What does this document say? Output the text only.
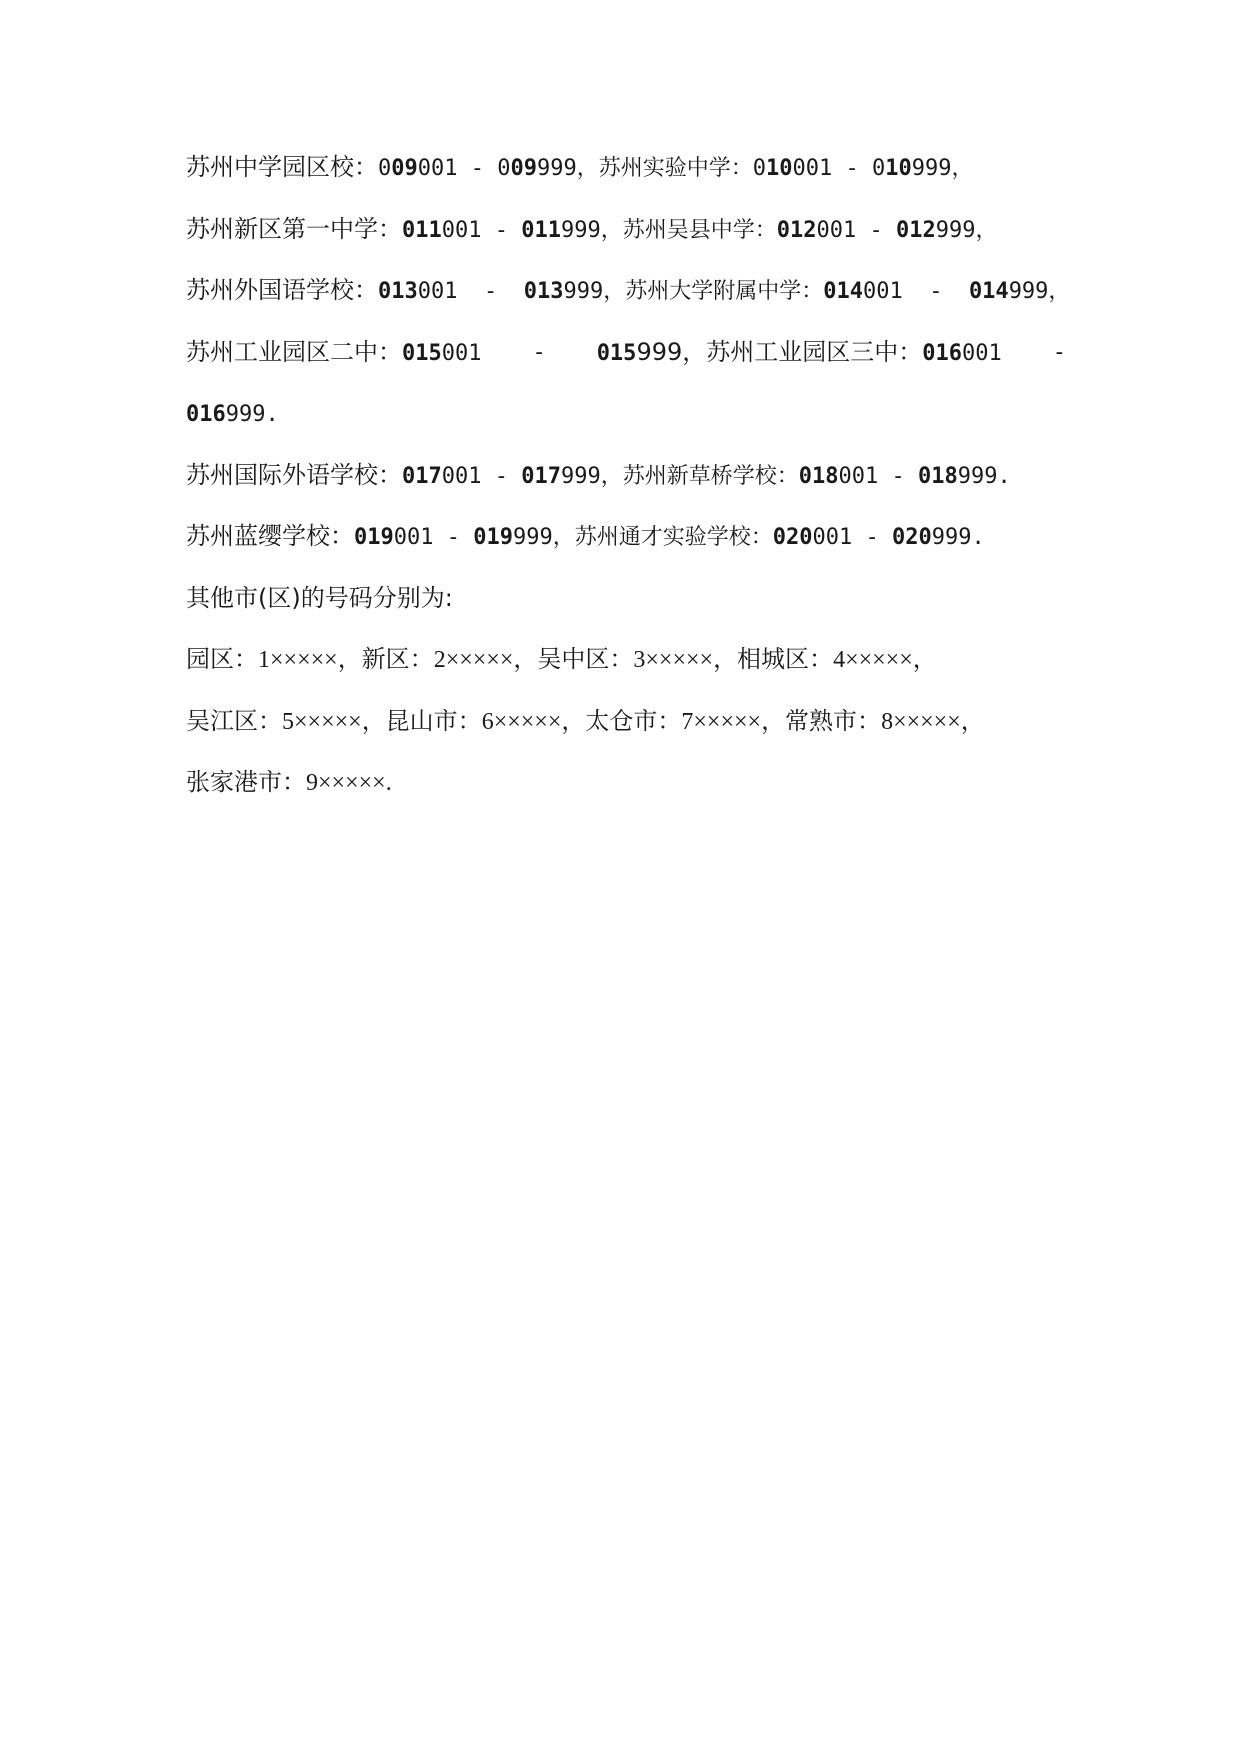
苏州中学园区校：009001 - 009999，苏州实验中学：010001 - 010999，
苏州新区第一中学：011001 - 011999，苏州吴县中学：012001 - 012999，
苏州外国语学校：013001  -  013999，苏州大学附属中学：014001  -  014999，
苏州工业园区二中：015001 - 015999，苏州工业园区三中：016001 -
016999.
苏州国际外语学校：017001 - 017999，苏州新草桥学校：018001 - 018999.
苏州蓝缨学校：019001 - 019999，苏州通才实验学校：020001 - 020999.
其他市(区)的号码分别为:
园区：1×××××，新区：2×××××，吴中区：3×××××，相城区：4×××××，
吴江区：5×××××，昆山市：6×××××，太仓市：7×××××，常熟市：8×××××，
张家港市：9×××××.
